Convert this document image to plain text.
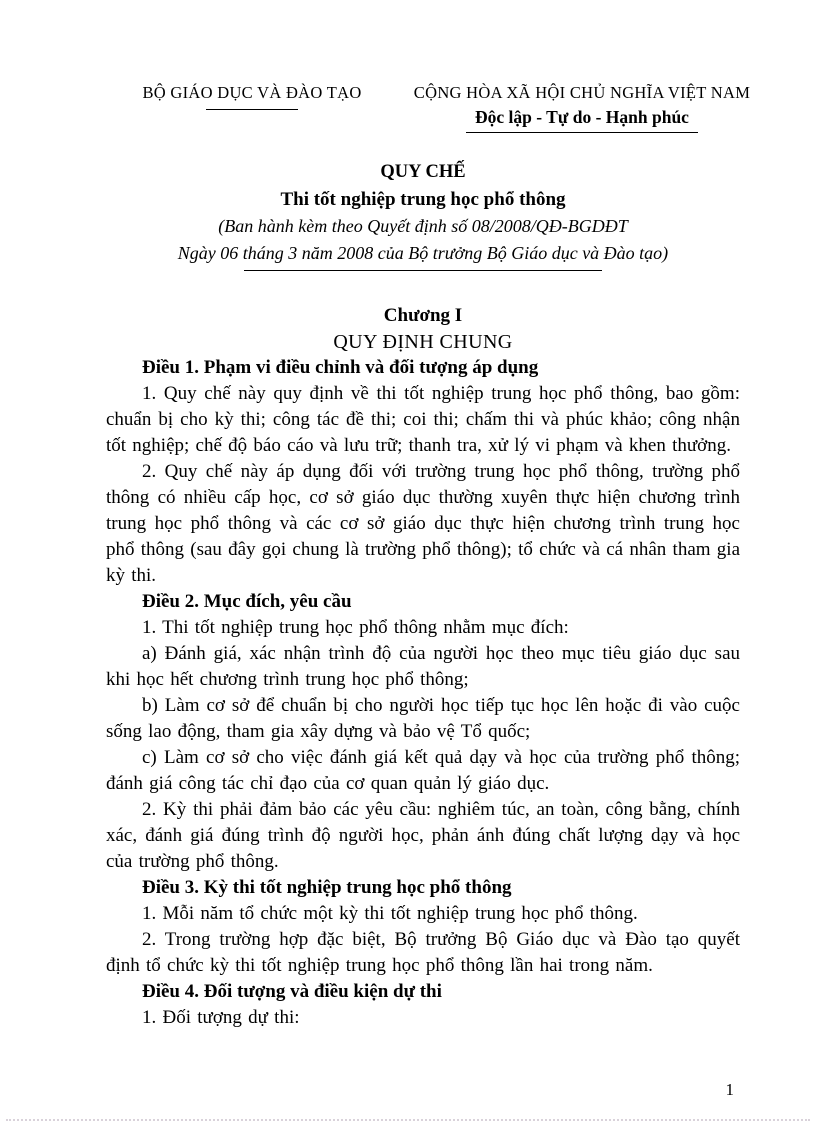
BỘ GIÁO DỤC VÀ ĐÀO TẠO	CỘNG HÒA XÃ HỘI CHỦ NGHĨA VIỆT NAM
Độc lập - Tự do - Hạnh phúc
QUY CHẾ
Thi tốt nghiệp trung học phổ thông
(Ban hành kèm theo Quyết định số 08/2008/QĐ-BGDĐT
Ngày 06 tháng 3 năm 2008 của Bộ trưởng Bộ Giáo dục và Đào tạo)
Chương I
QUY ĐỊNH CHUNG
Điều 1. Phạm vi điều chỉnh và đối tượng áp dụng
1. Quy chế này quy định về thi tốt nghiệp trung học phổ thông, bao gồm: chuẩn bị cho kỳ thi; công tác đề thi; coi thi; chấm thi và phúc khảo; công nhận tốt nghiệp; chế độ báo cáo và lưu trữ; thanh tra, xử lý vi phạm và khen thưởng.
2. Quy chế này áp dụng đối với trường trung học phổ thông, trường phổ thông có nhiều cấp học, cơ sở giáo dục thường xuyên thực hiện chương trình trung học phổ thông và các cơ sở giáo dục thực hiện chương trình trung học phổ thông (sau đây gọi chung là trường phổ thông); tổ chức và cá nhân tham gia kỳ thi.
Điều 2. Mục đích, yêu cầu
1. Thi tốt nghiệp trung học phổ thông nhằm mục đích:
a) Đánh giá, xác nhận trình độ của người học theo mục tiêu giáo dục sau khi học hết chương trình trung học phổ thông;
b) Làm cơ sở để chuẩn bị cho người học tiếp tục học lên hoặc đi vào cuộc sống lao động, tham gia xây dựng và bảo vệ Tổ quốc;
c) Làm cơ sở cho việc đánh giá kết quả dạy và học của trường phổ thông; đánh giá công tác chỉ đạo của cơ quan quản lý giáo dục.
2. Kỳ thi phải đảm bảo các yêu cầu: nghiêm túc, an toàn, công bằng, chính xác, đánh giá đúng trình độ người học, phản ánh đúng chất lượng dạy và học của trường phổ thông.
Điều 3. Kỳ thi tốt nghiệp trung học phổ thông
1. Mỗi năm tổ chức một kỳ thi tốt nghiệp trung học phổ thông.
2. Trong trường hợp đặc biệt, Bộ trưởng Bộ Giáo dục và Đào tạo quyết định tổ chức kỳ thi tốt nghiệp trung học phổ thông lần hai trong năm.
Điều 4. Đối tượng và điều kiện dự thi
1. Đối tượng dự thi:
1
